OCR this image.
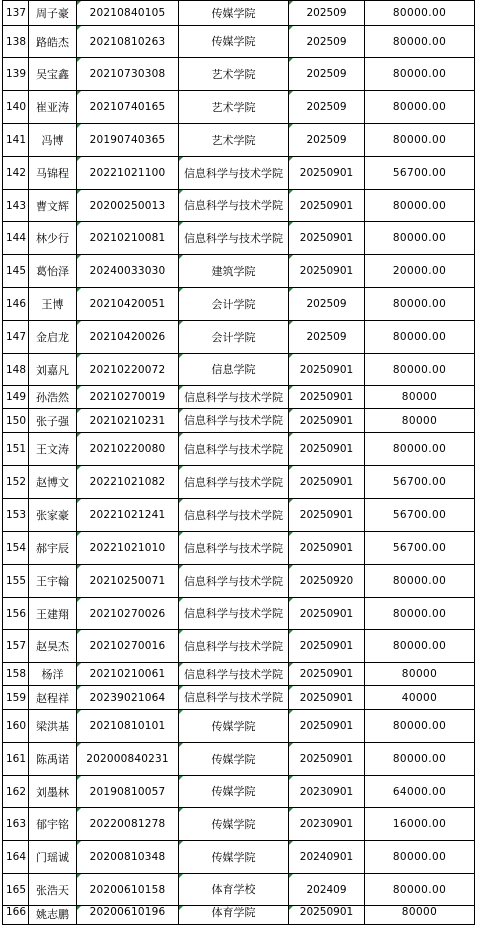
137	周子豪	20210840105	传媒学院	202509	80000.00
138	路皓杰	20210810263	传媒学院	202509	80000.00
139	吴宝鑫	20210730308	艺术学院	202509	80000.00
140	崔亚涛	20210740165	艺术学院	202509	80000.00
141	冯博	20190740365	艺术学院	202509	80000.00
142	马锦程	20221021100	信息科学与技术学院	20250901	56700.00
143	曹文辉	20200250013	信息科学与技术学院	20250901	80000.00
144	林少行	20210210081	信息科学与技术学院	20250901	80000.00
145	葛怡泽	20240033030	建筑学院	20250901	20000.00
146	王博	20210420051	会计学院	202509	80000.00
147	金启龙	20210420026	会计学院	202509	80000.00
148	刘嘉凡	20210220072	信息学院	20250901	80000.00
149	孙浩然	20210270019	信息科学与技术学院	20250901	80000
150	张子强	20210210231	信息科学与技术学院	20250901	80000
151	王文涛	20210220080	信息科学与技术学院	20250901	80000.00
152	赵博文	20221021082	信息科学与技术学院	20250901	56700.00
153	张家豪	20221021241	信息科学与技术学院	20250901	56700.00
154	郝宇辰	20221021010	信息科学与技术学院	20250901	56700.00
155	王宇翰	20210250071	信息科学与技术学院	20250920	80000.00
156	王建翔	20210270026	信息科学与技术学院	20250901	80000.00
157	赵昊杰	20210270016	信息科学与技术学院	20250901	80000.00
158	杨洋	20210210061	信息科学与技术学院	20250901	80000
159	赵程祥	20239021064	信息科学与技术学院	20250901	40000
160	梁洪基	20210810101	传媒学院	20250901	80000.00
161	陈禹诺	202000840231	传媒学院	20250901	80000.00
162	刘墨林	20190810057	传媒学院	20230901	64000.00
163	郁宇铭	20220081278	传媒学院	20230901	16000.00
164	门瑶诚	20200810348	传媒学院	20240901	80000.00
165	张浩天	20200610158	体育学校	202409	80000.00
166	姚志鹏	20200610196	体育学院	20250901	80000
